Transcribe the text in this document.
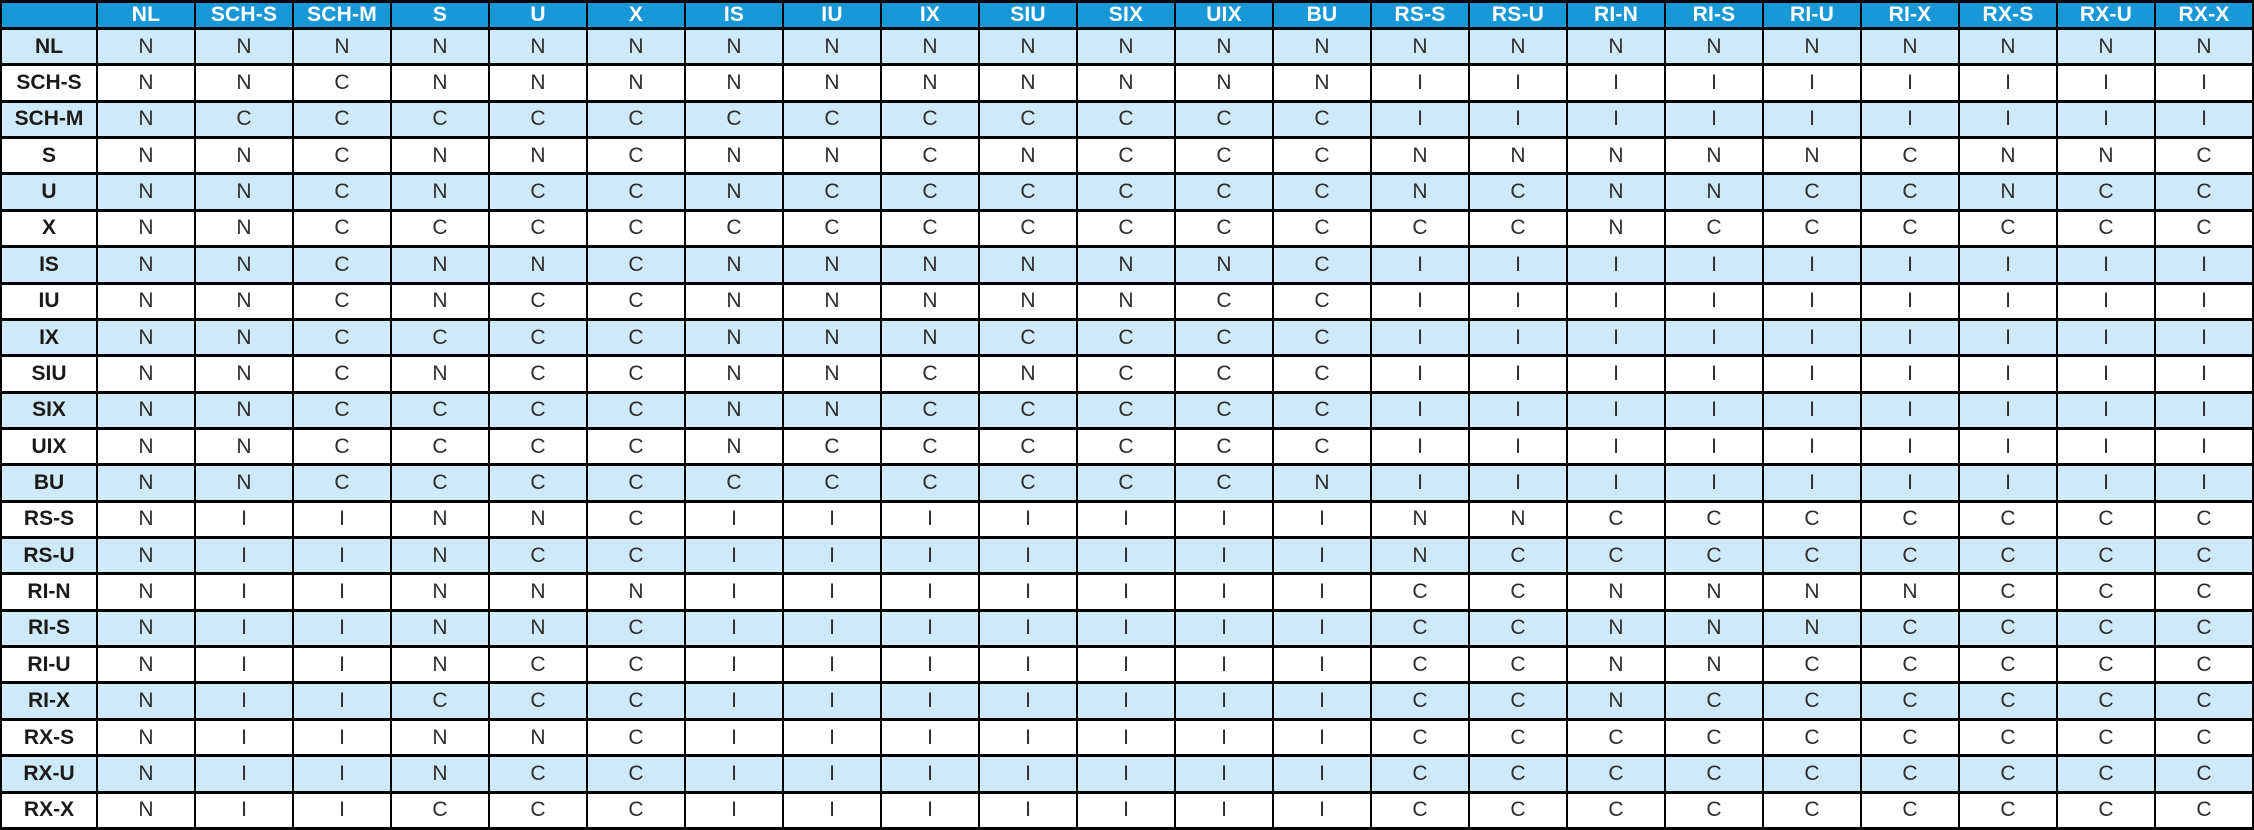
	NL	SCH-S	SCH-M	S	U	X	IS	IU	IX	SIU	SIX	UIX	BU	RS-S	RS-U	RI-N	RI-S	RI-U	RI-X	RX-S	RX-U	RX-X
NL	N	N	N	N	N	N	N	N	N	N	N	N	N	N	N	N	N	N	N	N	N	N
SCH-S	N	N	C	N	N	N	N	N	N	N	N	N	N	I	I	I	I	I	I	I	I	I
SCH-M	N	C	C	C	C	C	C	C	C	C	C	C	C	I	I	I	I	I	I	I	I	I
S	N	N	C	N	N	C	N	N	C	N	C	C	C	N	N	N	N	N	C	N	N	C
U	N	N	C	N	C	C	N	C	C	C	C	C	C	N	C	N	N	C	C	N	C	C
X	N	N	C	C	C	C	C	C	C	C	C	C	C	C	C	N	C	C	C	C	C	C
IS	N	N	C	N	N	C	N	N	N	N	N	N	C	I	I	I	I	I	I	I	I	I
IU	N	N	C	N	C	C	N	N	N	N	N	C	C	I	I	I	I	I	I	I	I	I
IX	N	N	C	C	C	C	N	N	N	C	C	C	C	I	I	I	I	I	I	I	I	I
SIU	N	N	C	N	C	C	N	N	C	N	C	C	C	I	I	I	I	I	I	I	I	I
SIX	N	N	C	C	C	C	N	N	C	C	C	C	C	I	I	I	I	I	I	I	I	I
UIX	N	N	C	C	C	C	N	C	C	C	C	C	C	I	I	I	I	I	I	I	I	I
BU	N	N	C	C	C	C	C	C	C	C	C	C	N	I	I	I	I	I	I	I	I	I
RS-S	N	I	I	N	N	C	I	I	I	I	I	I	I	N	N	C	C	C	C	C	C	C
RS-U	N	I	I	N	C	C	I	I	I	I	I	I	I	N	C	C	C	C	C	C	C	C
RI-N	N	I	I	N	N	N	I	I	I	I	I	I	I	C	C	N	N	N	N	C	C	C
RI-S	N	I	I	N	N	C	I	I	I	I	I	I	I	C	C	N	N	N	C	C	C	C
RI-U	N	I	I	N	C	C	I	I	I	I	I	I	I	C	C	N	N	C	C	C	C	C
RI-X	N	I	I	C	C	C	I	I	I	I	I	I	I	C	C	N	C	C	C	C	C	C
RX-S	N	I	I	N	N	C	I	I	I	I	I	I	I	C	C	C	C	C	C	C	C	C
RX-U	N	I	I	N	C	C	I	I	I	I	I	I	I	C	C	C	C	C	C	C	C	C
RX-X	N	I	I	C	C	C	I	I	I	I	I	I	I	C	C	C	C	C	C	C	C	C
